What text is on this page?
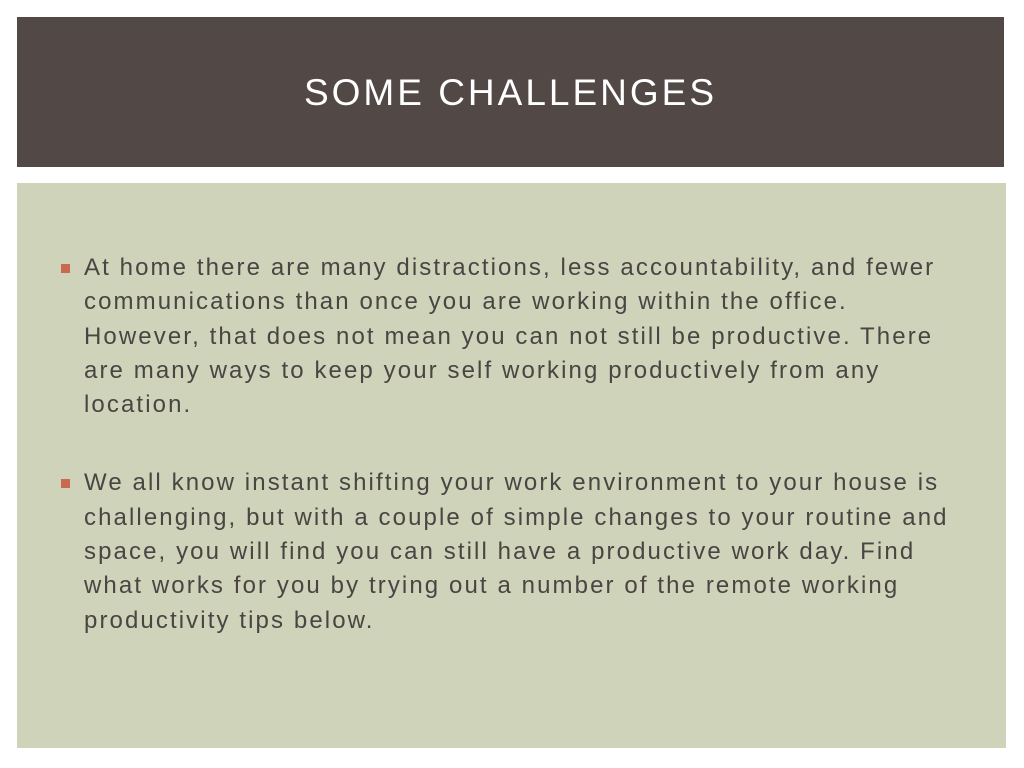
SOME CHALLENGES
At home there are many distractions, less accountability, and fewer communications than once you are working within the office. However, that does not mean you can not still be productive. There are many ways to keep your self working productively from any location.
We all know instant shifting your work environment to your house is challenging, but with a couple of simple changes to your routine and space, you will find you can still have a productive work day. Find what works for you by trying out a number of the remote working productivity tips below.
